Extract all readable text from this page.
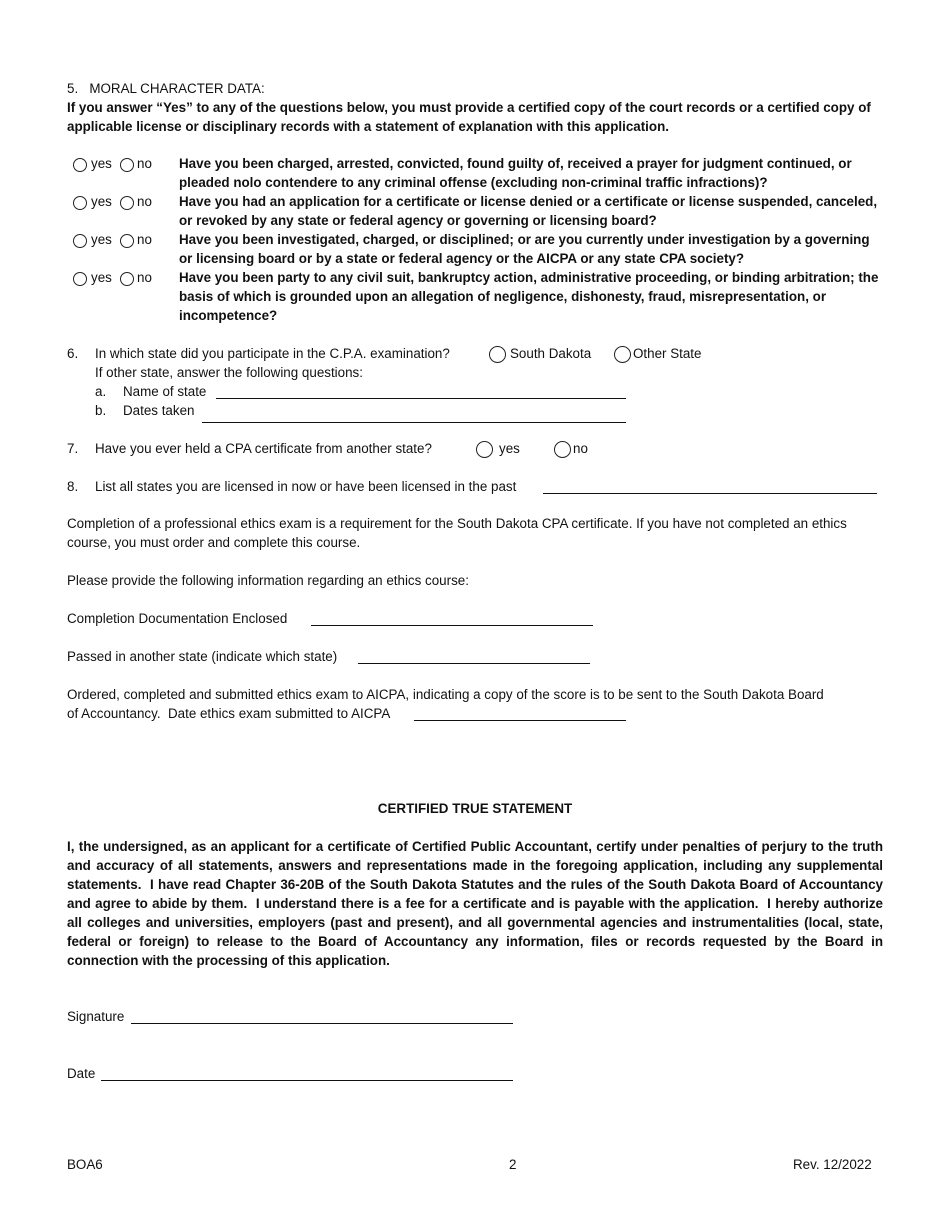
5.   MORAL CHARACTER DATA:
If you answer “Yes” to any of the questions below, you must provide a certified copy of the court records or a certified copy of applicable license or disciplinary records with a statement of explanation with this application.
yes no Have you been charged, arrested, convicted, found guilty of, received a prayer for judgment continued, or pleaded nolo contendere to any criminal offense (excluding non-criminal traffic infractions)?
yes no Have you had an application for a certificate or license denied or a certificate or license suspended, canceled, or revoked by any state or federal agency or governing or licensing board?
yes no Have you been investigated, charged, or disciplined; or are you currently under investigation by a governing or licensing board or by a state or federal agency or the AICPA or any state CPA society?
yes no Have you been party to any civil suit, bankruptcy action, administrative proceeding, or binding arbitration; the basis of which is grounded upon an allegation of negligence, dishonesty, fraud, misrepresentation, or incompetence?
6. In which state did you participate in the C.P.A. examination?	South Dakota	Other State
If other state, answer the following questions:
a. Name of state
b. Dates taken
7. Have you ever held a CPA certificate from another state?	yes	no
8. List all states you are licensed in now or have been licensed in the past
Completion of a professional ethics exam is a requirement for the South Dakota CPA certificate. If you have not completed an ethics course, you must order and complete this course.
Please provide the following information regarding an ethics course:
Completion Documentation Enclosed
Passed in another state (indicate which state)
Ordered, completed and submitted ethics exam to AICPA, indicating a copy of the score is to be sent to the South Dakota Board
of Accountancy.  Date ethics exam submitted to AICPA
CERTIFIED TRUE STATEMENT
I, the undersigned, as an applicant for a certificate of Certified Public Accountant, certify under penalties of perjury to the truth and accuracy of all statements, answers and representations made in the foregoing application, including any supplemental statements.  I have read Chapter 36-20B of the South Dakota Statutes and the rules of the South Dakota Board of Accountancy and agree to abide by them.  I understand there is a fee for a certificate and is payable with the application.  I hereby authorize all colleges and universities, employers (past and present), and all governmental agencies and instrumentalities (local, state, federal or foreign) to release to the Board of Accountancy any information, files or records requested by the Board in connection with the processing of this application.
Signature
Date
BOA6	2	Rev. 12/2022
